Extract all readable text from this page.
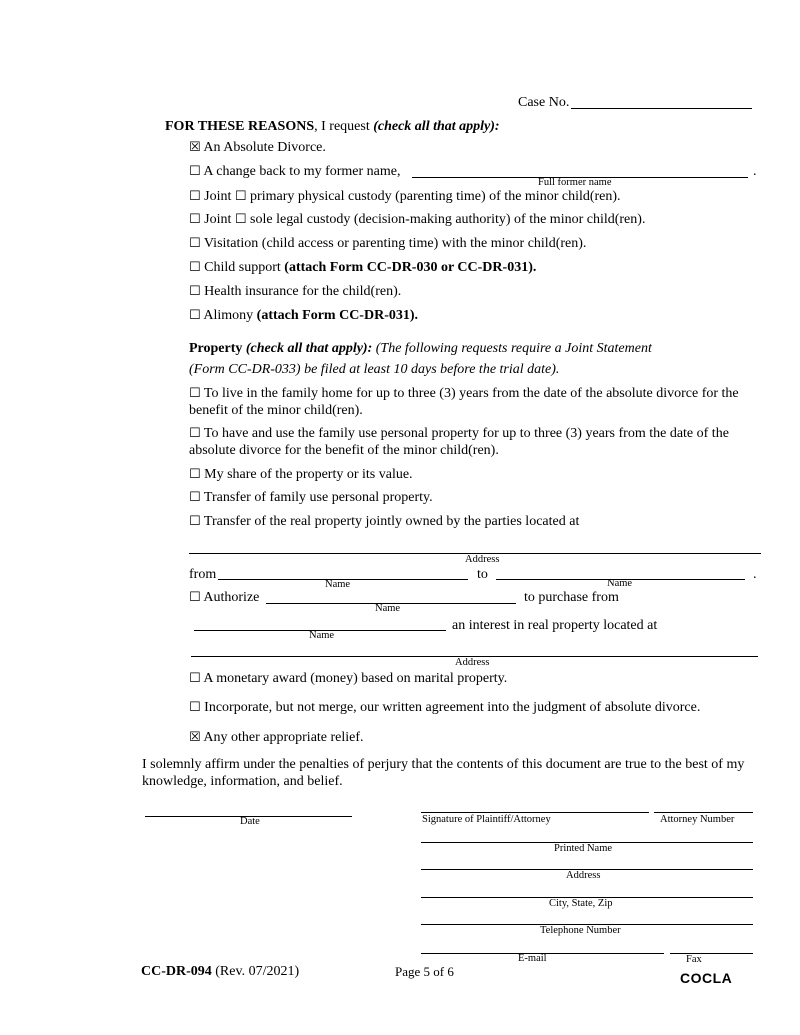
Case No.
FOR THESE REASONS, I request (check all that apply):
☒ An Absolute Divorce.
☐ A change back to my former name,	.
Full former name
☐ Joint ☐ primary physical custody (parenting time) of the minor child(ren).
☐ Joint ☐ sole legal custody (decision-making authority) of the minor child(ren).
☐ Visitation (child access or parenting time) with the minor child(ren).
☐ Child support (attach Form CC-DR-030 or CC-DR-031).
☐ Health insurance for the child(ren).
☐ Alimony (attach Form CC-DR-031).
Property (check all that apply): (The following requests require a Joint Statement
(Form CC-DR-033) be filed at least 10 days before the trial date).
☐ To live in the family home for up to three (3) years from the date of the absolute divorce for the benefit of the minor child(ren).
☐ To have and use the family use personal property for up to three (3) years from the date of the absolute divorce for the benefit of the minor child(ren).
☐ My share of the property or its value.
☐ Transfer of family use personal property.
☐ Transfer of the real property jointly owned by the parties located at
Address
from	to	.
Name	Name
☐ Authorize	to purchase from
Name
an interest in real property located at
Name
Address
☐ A monetary award (money) based on marital property.
☐ Incorporate, but not merge, our written agreement into the judgment of absolute divorce.
☒ Any other appropriate relief.
I solemnly affirm under the penalties of perjury that the contents of this document are true to the best of my knowledge, information, and belief.
Date	Signature of Plaintiff/Attorney	Attorney Number
Printed Name
Address
City, State, Zip
Telephone Number
E-mail	Fax
CC-DR-094 (Rev. 07/2021)	Page 5 of 6	COCLA
